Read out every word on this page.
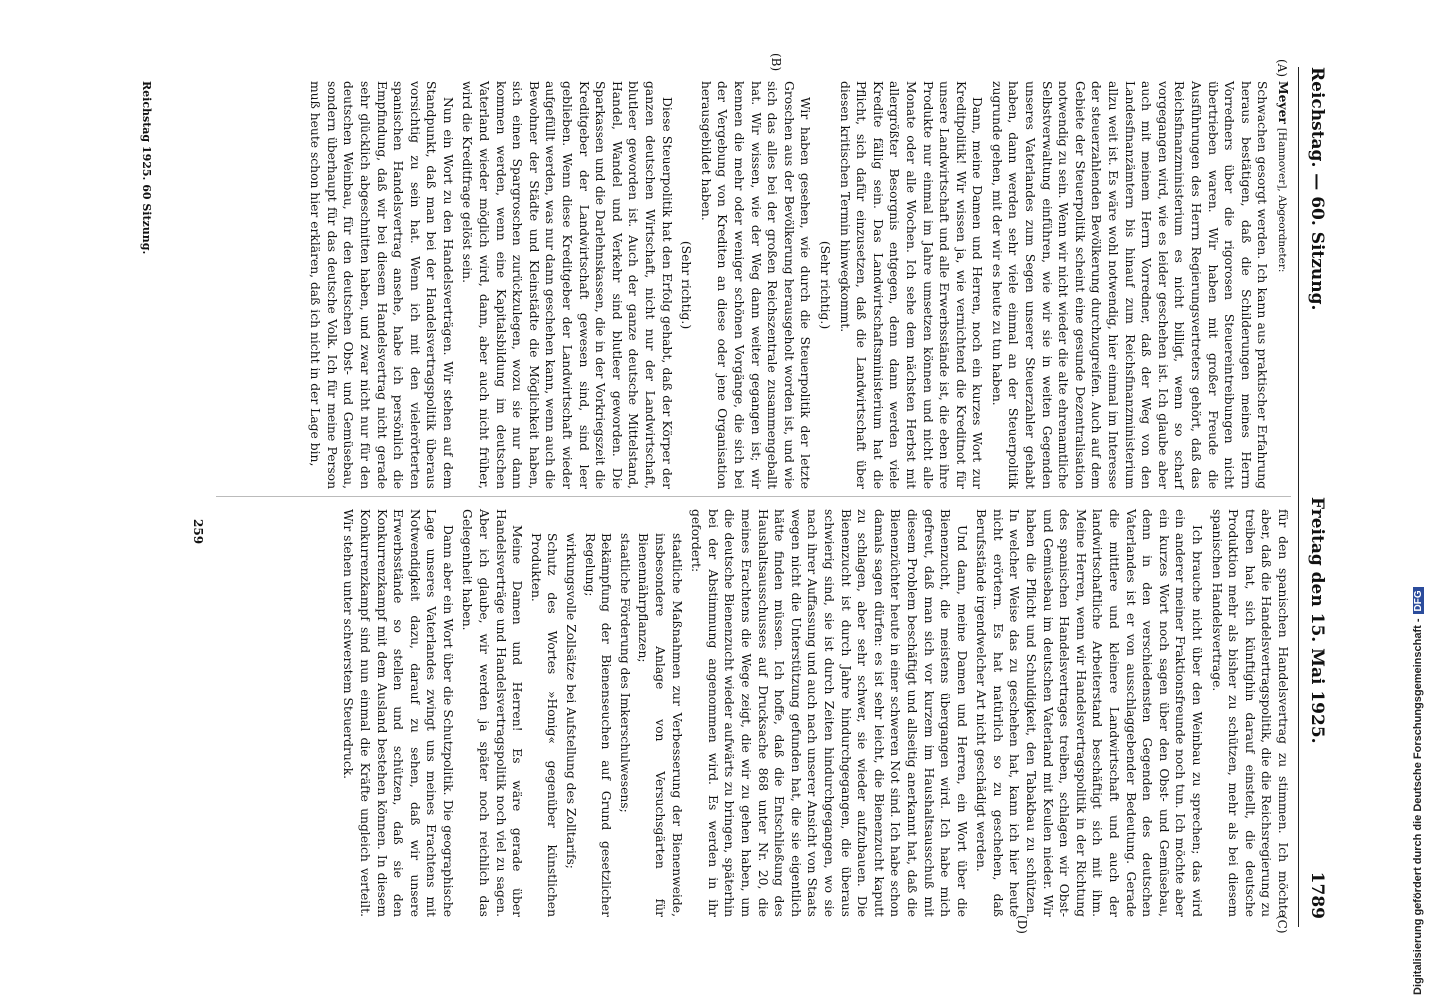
Reichstag. — 60. Sitzung.
Freitag den 15. Mai 1925.
1789
(A)
(B)
(C)
(D)

Meyer [Hannover], Abgeordneter:

Schwachen gesorgt werden. Ich kann aus praktischer Erfahrung heraus bestätigen, daß die Schilderungen meines Herrn Vorredners über die rigorosen Steuereintreibungen nicht übertrieben waren. Wir haben mit großer Freude die Ausführungen des Herrn Regierungsvertreters gehört, daß das Reichsfinanzministerium es nicht billigt, wenn so scharf vorgegangen wird, wie es leider geschehen ist. Ich glaube aber auch mit meinem Herrn Vorredner, daß der Weg von den Landesfinanzämtern bis hinauf zum Reichsfinanzministerium allzu weit ist. Es wäre wohl notwendig, hier einmal im Interesse der steuerzahlenden Bevölkerung durchzugreifen. Auch auf dem Gebiete der Steuerpolitik scheint eine gesunde Dezentralisation notwendig zu sein. Wenn wir nicht wieder die alte ehrenamtliche Selbstverwaltung einführen, wie wir sie in weiten Gegenden unseres Vaterlandes zum Segen unserer Steuerzahler gehabt haben, dann werden sehr viele einmal an der Steuerpolitik zugrunde gehen, mit der wir es heute zu tun haben.

Dann, meine Damen und Herren, noch ein kurzes Wort zur Kreditpolitik! Wir wissen ja, wie vernichtend die Kreditnot für unsere Landwirtschaft und alle Erwerbsstände ist, die eben ihre Produkte nur einmal im Jahre umsetzen können und nicht alle Monate oder alle Wochen. Ich sehe dem nächsten Herbst mit allergrößter Besorgnis entgegen, denn dann werden viele Kredite fällig sein. Das Landwirtschaftsministerium hat die Pflicht, sich dafür einzusetzen, daß die Landwirtschaft über diesen kritischen Termin hinwegkommt.

(Sehr richtig.)

Wir haben gesehen, wie durch die Steuerpolitik der letzte Groschen aus der Bevölkerung herausgeholt worden ist, und wie sich das alles bei der großen Reichszentrale zusammengeballt hat. Wir wissen, wie der Weg dann weiter gegangen ist; wir kennen die mehr oder weniger schönen Vorgänge, die sich bei der Vergebung von Krediten an diese oder jene Organisation herausgebildet haben.

(Sehr richtig.)

Diese Steuerpolitik hat den Erfolg gehabt, daß der Körper der ganzen deutschen Wirtschaft, nicht nur der Landwirtschaft, blutleer geworden ist. Auch der ganze deutsche Mittelstand, Handel, Wandel und Verkehr sind blutleer geworden. Die Sparkassen und die Darlehnskassen, die in der Vorkriegszeit die Kreditgeber der Landwirtschaft gewesen sind, sind leer geblieben. Wenn diese Kreditgeber der Landwirtschaft wieder aufgefüllt werden, was nur dann geschehen kann, wenn auch die Bewohner der Städte und Kleinstädte die Möglichkeit haben, sich einen Spargroschen zurückzulegen, wozu sie nur dann kommen werden, wenn eine Kapitalsbildung im deutschen Vaterland wieder möglich wird, dann, aber auch nicht früher, wird die Kreditfrage gelöst sein.

Nun ein Wort zu den Handelsverträgen. Wir stehen auf dem Standpunkt, daß man bei der Handelsvertragspolitik überaus vorsichtig zu sein hat. Wenn ich mit den vielerörterten spanischen Handelsvertrag ansehe, habe ich persönlich die Empfindung, daß wir bei diesem Handelsvertrag nicht gerade sehr glücklich abgeschnitten haben, und zwar nicht nur für den deutschen Weinbau, für den deutschen Obst- und Gemüsebau, sondern überhaupt für das deutsche Volk. Ich für meine Person muß heute schon hier erklären, daß ich nicht in der Lage bin,

für den spanischen Handelsvertrag zu stimmen. Ich möchte aber, daß die Handelsvertragspolitik, die die Reichsregierung zu treiben hat, sich künftighin darauf einstellt, die deutsche Produktion mehr als bisher zu schützen, mehr als bei diesem spanischen Handelsvertrage.

Ich brauche nicht über den Weinbau zu sprechen; das wird ein anderer meiner Fraktionsfreunde noch tun. Ich möchte aber ein kurzes Wort noch sagen über den Obst- und Gemüsebau, denn in den verschiedensten Gegenden des deutschen Vaterlandes ist er von ausschlaggebender Bedeutung. Gerade die mittlere und kleinere Landwirtschaft und auch der landwirtschaftliche Arbeiterstand beschäftigt sich mit ihm. Meine Herren, wenn wir Handelsvertragspolitik in der Richtung des spanischen Handelsvertrages treiben, schlagen wir Obst- und Gemüsebau im deutschen Vaterland mit Keulen nieder. Wir haben die Pflicht und Schuldigkeit, den Tabakbau zu schützen. In welcher Weise das zu geschehen hat, kann ich hier heute nicht erörtern. Es hat natürlich so zu geschehen, daß Berufsstände irgendwelcher Art nicht geschädigt werden.

Und dann, meine Damen und Herren, ein Wort über die Bienenzucht, die meistens übergangen wird. Ich habe mich gefreut, daß man sich vor kurzem im Haushaltsausschuß mit diesem Problem beschäftigt und allseitig anerkannt hat, daß die Bienenzüchter heute in einer schweren Not sind. Ich habe schon damals sagen dürfen: es ist sehr leicht, die Bienenzucht kaputt zu schlagen, aber sehr schwer, sie wieder aufzubauen. Die Bienenzucht ist durch Jahre hindurchgegangen, die überaus schwierig sind, sie ist durch Zeiten hindurchgegangen, wo sie nach ihrer Auffassung und auch nach unserer Ansicht von Staats wegen nicht die Unterstützung gefunden hat, die sie eigentlich hätte finden müssen. Ich hoffe, daß die Entschließung des Haushaltsausschusses auf Drucksache 868 unter Nr. 20, die meines Erachtens die Wege zeigt, die wir zu gehen haben, um die deutsche Bienenzucht wieder aufwärts zu bringen, späterhin bei der Abstimmung angenommen wird. Es werden in ihr gefordert:

staatliche Maßnahmen zur Verbesserung der Bienenweide, insbesondere Anlage von Versuchsgärten für Bienennährpflanzen;

staatliche Förderung des Imkerschulwesens;

Bekämpfung der Bienenseuchen auf Grund gesetzlicher Regelung;

wirkungsvolle Zollsätze bei Aufstellung des Zolltarifs;

Schutz des Wortes »Honig« gegenüber künstlichen Produkten.

Meine Damen und Herren! Es wäre gerade über Handelsverträge und Handelsvertragspolitik noch viel zu sagen. Aber ich glaube, wir werden ja später noch reichlich das Gelegenheit haben.

Dann aber ein Wort über die Schutzpolitik. Die geographische Lage unseres Vaterlandes zwingt uns meines Erachtens mit Notwendigkeit dazu, darauf zu sehen, daß wir unsere Erwerbsstände so stellen und schützen, daß sie den Konkurrenzkampf mit dem Ausland bestehen können. In diesem Konkurrenzkampf sind nun einmal die Kräfte ungleich verteilt. Wir stehen unter schwerstem Steuerdruck.

Reichstag 1925. 60 Sitzung.
259
Digitalisierung gefördert durch die Deutsche Forschungsgemeinschaft -
DFG
